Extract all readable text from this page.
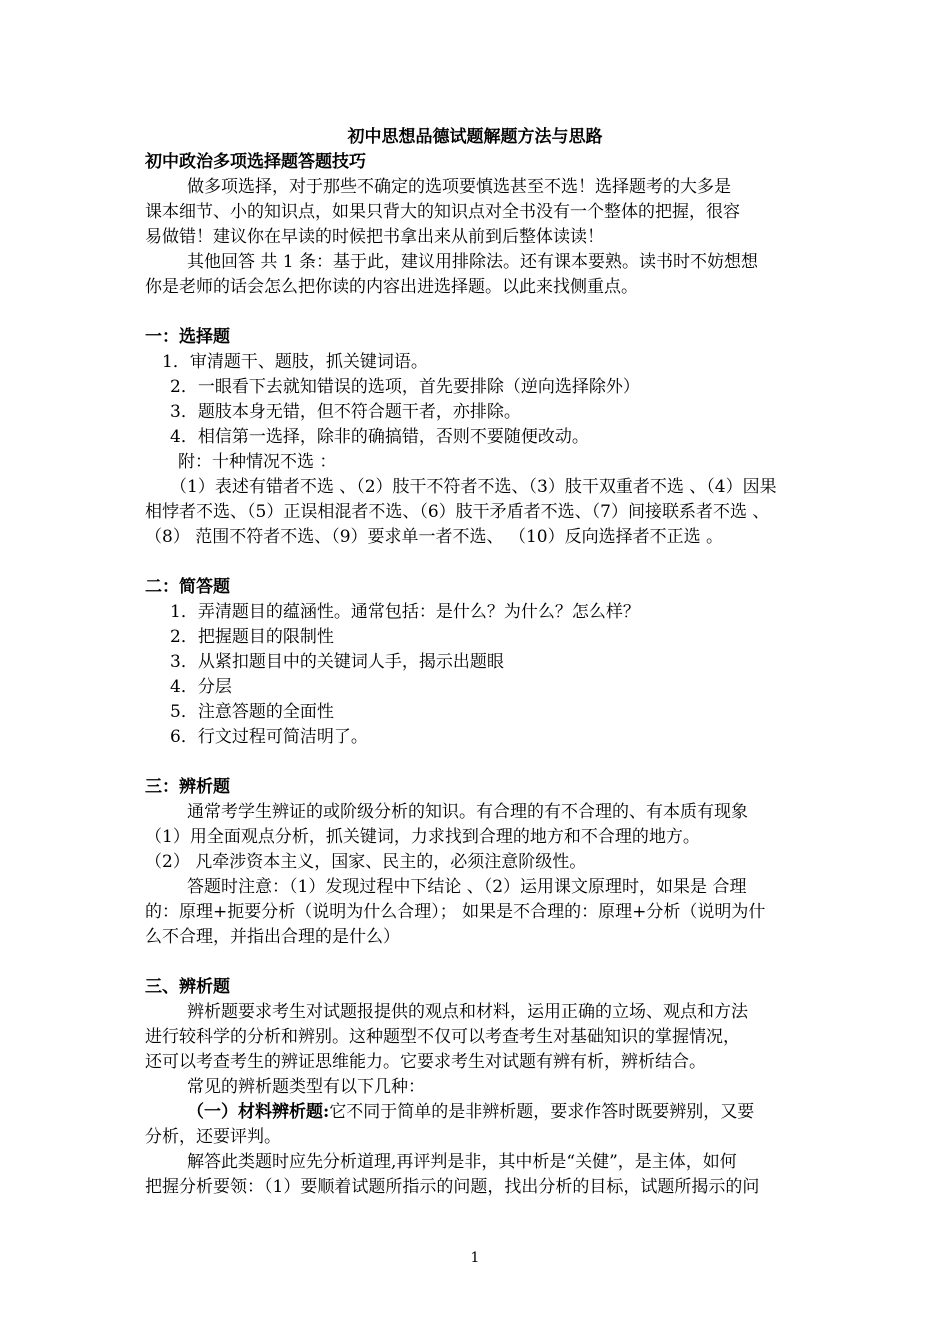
初中思想品德试题解题方法与思路
初中政治多项选择题答题技巧
做多项选择，对于那些不确定的选项要慎选甚至不选！选择题考的大多是
课本细节、小的知识点，如果只背大的知识点对全书没有一个整体的把握，很容
易做错！建议你在早读的时候把书拿出来从前到后整体读读！
其他回答 共 1 条：基于此，建议用排除法。还有课本要熟。读书时不妨想想
你是老师的话会怎么把你读的内容出进选择题。以此来找侧重点。
一：选择题
1．审清题干、题肢，抓关键词语。
2．一眼看下去就知错误的选项，首先要排除（逆向选择除外）
3．题肢本身无错，但不符合题干者，亦排除。
4．相信第一选择，除非的确搞错，否则不要随便改动。
附：十种情况不选 ：
（1）表述有错者不选 、（2）肢干不符者不选、（3）肢干双重者不选 、（4）因果
相悖者不选、（5）正误相混者不选、（6）肢干矛盾者不选、（7）间接联系者不选 、
（8） 范围不符者不选、（9）要求单一者不选、 （10）反向选择者不正选 。
二：简答题
1．弄清题目的蕴涵性。通常包括：是什么？为什么？怎么样？
2．把握题目的限制性
3．从紧扣题目中的关键词人手，揭示出题眼
4．分层
5．注意答题的全面性
6．行文过程可简洁明了。
三：辨析题
通常考学生辨证的或阶级分析的知识。有合理的有不合理的、有本质有现象
（1）用全面观点分析，抓关键词，力求找到合理的地方和不合理的地方。
（2） 凡牵涉资本主义，国家、民主的，必须注意阶级性。
答题时注意：（1）发现过程中下结论 、（2）运用课文原理时，如果是 合理
的：原理+扼要分析（说明为什么合理）； 如果是不合理的：原理+分析（说明为什
么不合理，并指出合理的是什么）
三、辨析题
辨析题要求考生对试题报提供的观点和材料，运用正确的立场、观点和方法
进行较科学的分析和辨别。这种题型不仅可以考查考生对基础知识的掌握情况，
还可以考查考生的辨证思维能力。它要求考生对试题有辨有析，辨析结合。
常见的辨析题类型有以下几种：
（一）材料辨析题:它不同于简单的是非辨析题，要求作答时既要辨别，又要
分析，还要评判。
解答此类题时应先分析道理,再评判是非，其中析是“关健”，是主体，如何
把握分析要领：（1）要顺着试题所指示的问题，找出分析的目标，试题所揭示的问
1
